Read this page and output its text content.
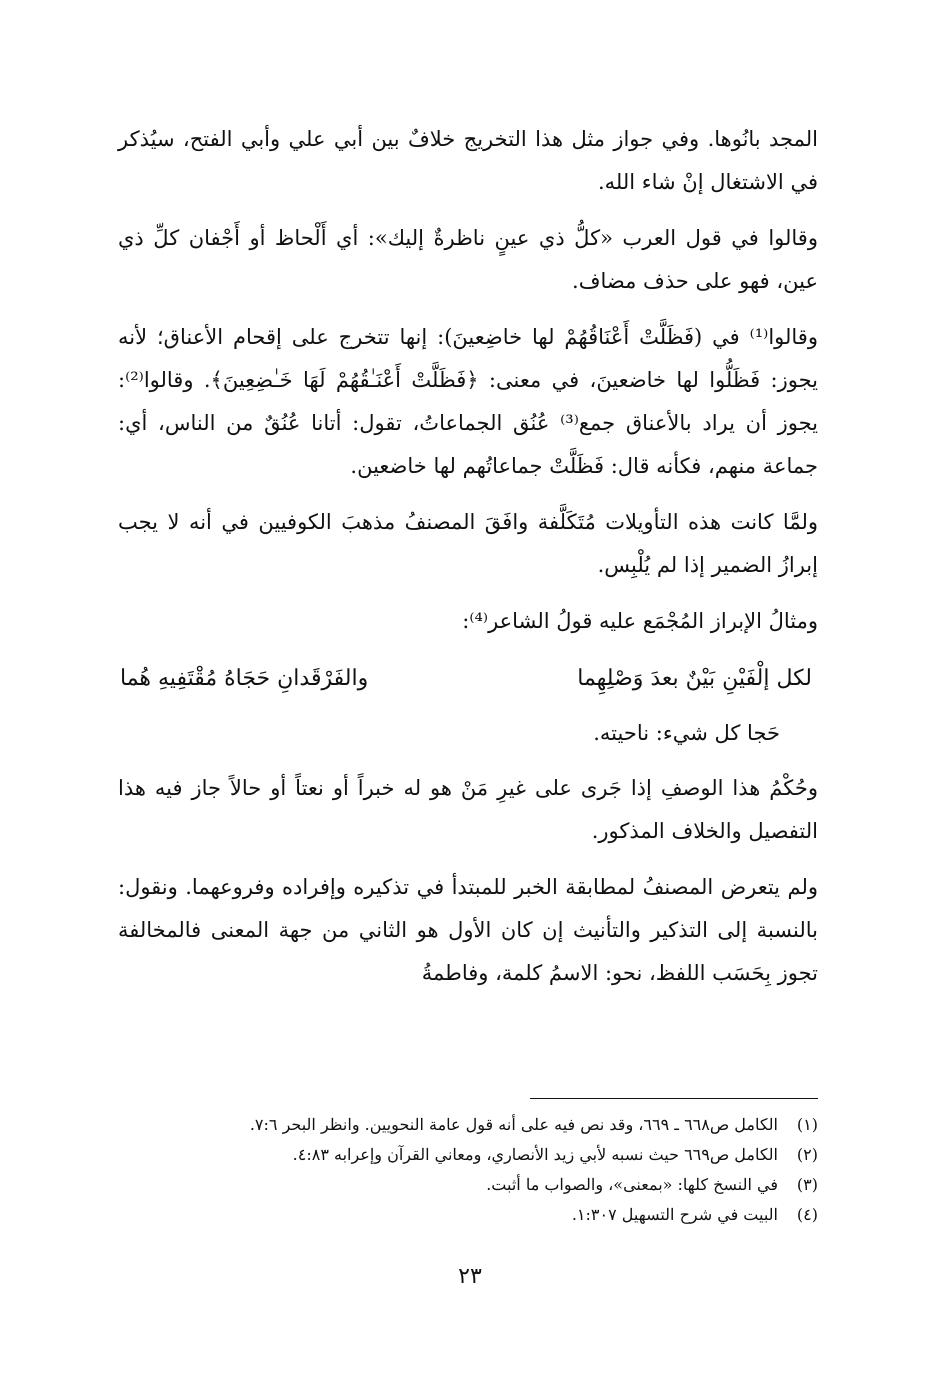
المجد بانُوها. وفي جواز مثل هذا التخريج خلافٌ بين أبي علي وأبي الفتح، سيُذكر في الاشتغال إنْ شاء الله.

وقالوا في قول العرب «كلُّ ذي عينٍ ناظرةٌ إليك»: أي أَلْحاظ أو أَجْفان كلِّ ذي عين، فهو على حذف مضاف.

وقالوا⁽¹⁾ في (فَظَلَّتْ أَعْنَاقُهُمْ لها خاضِعينَ): إنها تتخرج على إقحام الأعناق؛ لأنه يجوز: فَظَلُّوا لها خاضعينَ، في معنى: ﴿فَظَلَّتْ أَعْنَـٰقُهُمْ لَهَا خَـٰضِعِينَ﴾. وقالوا⁽²⁾: يجوز أن يراد بالأعناق جمع⁽³⁾ عُنُق الجماعاتُ، تقول: أتانا عُنُقٌ من الناس، أي: جماعة منهم، فكأنه قال: فَظَلَّتْ جماعاتُهم لها خاضعين.

ولمَّا كانت هذه التأويلات مُتَكَلَّفة وافَقَ المصنفُ مذهبَ الكوفيين في أنه لا يجب إبرازُ الضمير إذا لم يُلْبِس.

ومثالُ الإبراز المُجْمَع عليه قولُ الشاعر⁽⁴⁾:

لكل إلْفَيْنِ بَيْنٌ بعدَ وَصْلِهِما
والفَرْقَدانِ حَجَاهُ مُقْتَفِيهِ هُما
حَجا كل شيء: ناحيته.

وحُكْمُ هذا الوصفِ إذا جَرى على غيرِ مَنْ هو له خبراً أو نعتاً أو حالاً جاز فيه هذا التفصيل والخلاف المذكور.

ولم يتعرض المصنفُ لمطابقة الخبر للمبتدأ في تذكيره وإفراده وفروعهما. ونقول: بالنسبة إلى التذكير والتأنيث إن كان الأول هو الثاني من جهة المعنى فالمخالفة تجوز بِحَسَب اللفظ، نحو: الاسمُ كلمة، وفاطمةُ

(١)
الكامل ص٦٦٨ ـ ٦٦٩، وقد نص فيه على أنه قول عامة النحويين. وانظر البحر ٧:٦.
(٢)
الكامل ص٦٦٩ حيث نسبه لأبي زيد الأنصاري، ومعاني القرآن وإعرابه ٤:٨٣.
(٣)
في النسخ كلها: «بمعنى»، والصواب ما أثبت.
(٤)
البيت في شرح التسهيل ١:٣٠٧.
٢٣
